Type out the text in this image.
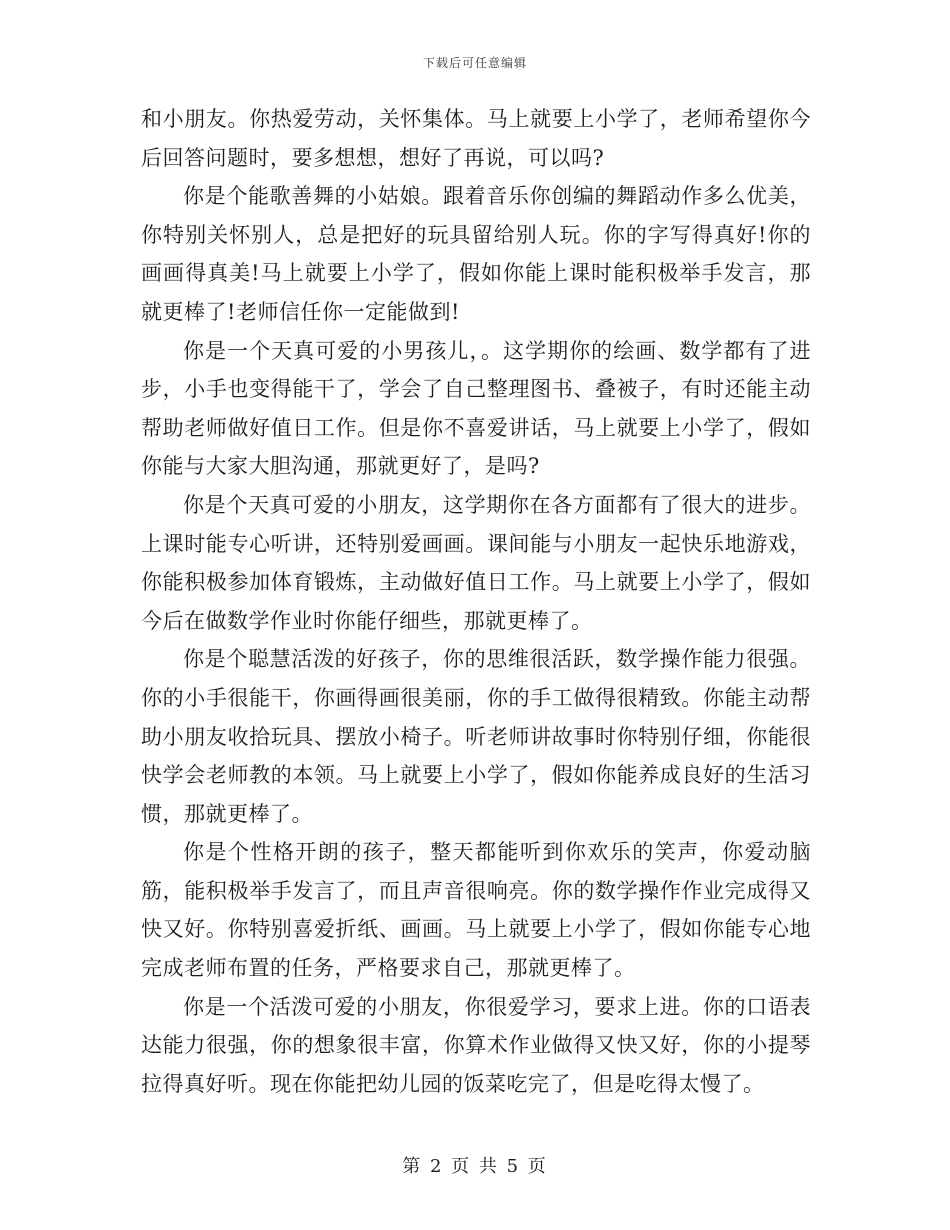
下载后可任意编辑

和小朋友。你热爱劳动，关怀集体。马上就要上小学了，老师希望你今后回答问题时，要多想想，想好了再说，可以吗?

你是个能歌善舞的小姑娘。跟着音乐你创编的舞蹈动作多么优美，你特别关怀别人，总是把好的玩具留给别人玩。你的字写得真好!你的画画得真美!马上就要上小学了，假如你能上课时能积极举手发言，那就更棒了!老师信任你一定能做到!

你是一个天真可爱的小男孩儿，。这学期你的绘画、数学都有了进步，小手也变得能干了，学会了自己整理图书、叠被子，有时还能主动帮助老师做好值日工作。但是你不喜爱讲话，马上就要上小学了，假如你能与大家大胆沟通，那就更好了，是吗?

你是个天真可爱的小朋友，这学期你在各方面都有了很大的进步。上课时能专心听讲，还特别爱画画。课间能与小朋友一起快乐地游戏，你能积极参加体育锻炼，主动做好值日工作。马上就要上小学了，假如今后在做数学作业时你能仔细些，那就更棒了。

你是个聪慧活泼的好孩子，你的思维很活跃，数学操作能力很强。你的小手很能干，你画得画很美丽，你的手工做得很精致。你能主动帮助小朋友收拾玩具、摆放小椅子。听老师讲故事时你特别仔细，你能很快学会老师教的本领。马上就要上小学了，假如你能养成良好的生活习惯，那就更棒了。

你是个性格开朗的孩子，整天都能听到你欢乐的笑声，你爱动脑筋，能积极举手发言了，而且声音很响亮。你的数学操作作业完成得又快又好。你特别喜爱折纸、画画。马上就要上小学了，假如你能专心地完成老师布置的任务，严格要求自己，那就更棒了。

你是一个活泼可爱的小朋友，你很爱学习，要求上进。你的口语表达能力很强，你的想象很丰富，你算术作业做得又快又好，你的小提琴拉得真好听。现在你能把幼儿园的饭菜吃完了，但是吃得太慢了。

第 2 页 共 5 页
